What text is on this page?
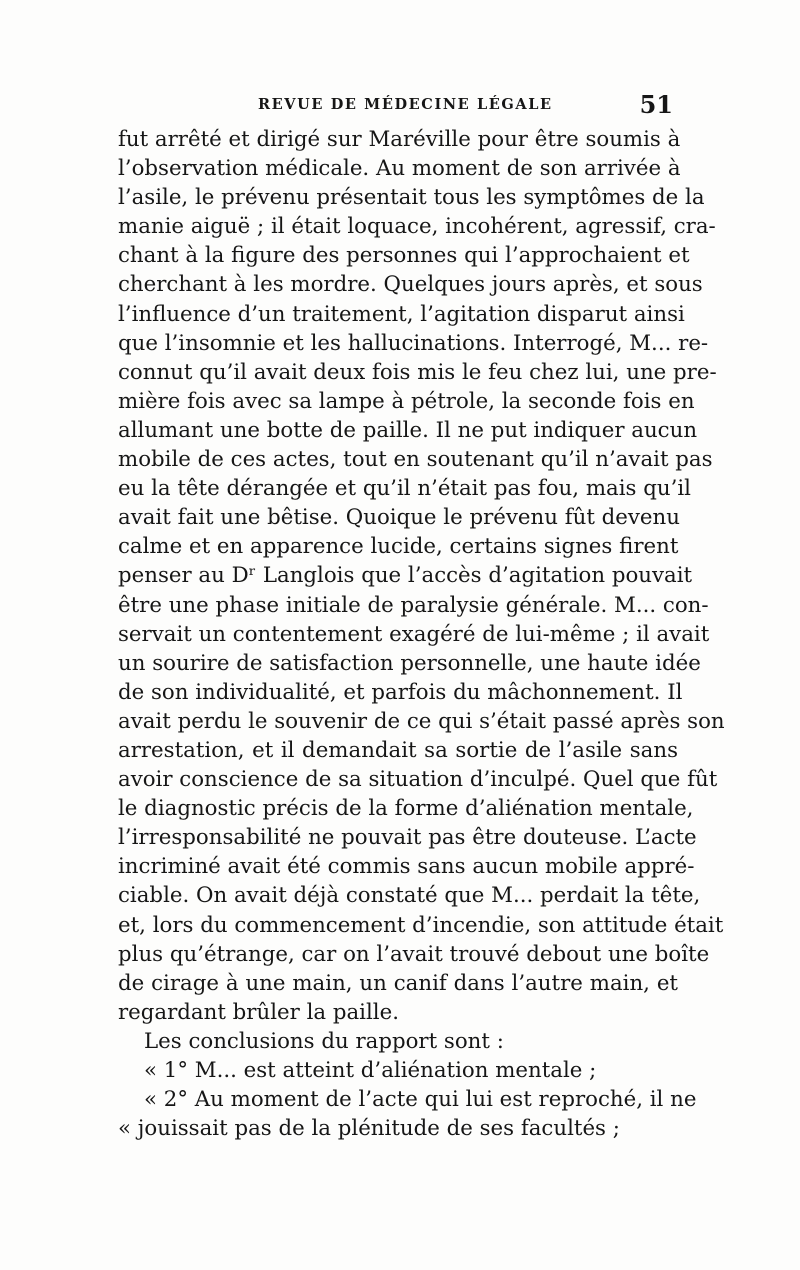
REVUE DE MÉDECINE LÉGALE	51
fut arrêté et dirigé sur Maréville pour être soumis à
l’observation médicale. Au moment de son arrivée à
l’asile, le prévenu présentait tous les symptômes de la
manie aiguë ; il était loquace, incohérent, agressif, cra-
chant à la figure des personnes qui l’approchaient et
cherchant à les mordre. Quelques jours après, et sous
l’influence d’un traitement, l’agitation disparut ainsi
que l’insomnie et les hallucinations. Interrogé, M... re-
connut qu’il avait deux fois mis le feu chez lui, une pre-
mière fois avec sa lampe à pétrole, la seconde fois en
allumant une botte de paille. Il ne put indiquer aucun
mobile de ces actes, tout en soutenant qu’il n’avait pas
eu la tête dérangée et qu’il n’était pas fou, mais qu’il
avait fait une bêtise. Quoique le prévenu fût devenu
calme et en apparence lucide, certains signes firent
penser au Dʳ Langlois que l’accès d’agitation pouvait
être une phase initiale de paralysie générale. M... con-
servait un contentement exagéré de lui-même ; il avait
un sourire de satisfaction personnelle, une haute idée
de son individualité, et parfois du mâchonnement. Il
avait perdu le souvenir de ce qui s’était passé après son
arrestation, et il demandait sa sortie de l’asile sans
avoir conscience de sa situation d’inculpé. Quel que fût
le diagnostic précis de la forme d’aliénation mentale,
l’irresponsabilité ne pouvait pas être douteuse. L’acte
incriminé avait été commis sans aucun mobile appré-
ciable. On avait déjà constaté que M... perdait la tête,
et, lors du commencement d’incendie, son attitude était
plus qu’étrange, car on l’avait trouvé debout une boîte
de cirage à une main, un canif dans l’autre main, et
regardant brûler la paille.
Les conclusions du rapport sont :
« 1° M... est atteint d’aliénation mentale ;
« 2° Au moment de l’acte qui lui est reproché, il ne
« jouissait pas de la plénitude de ses facultés ;
